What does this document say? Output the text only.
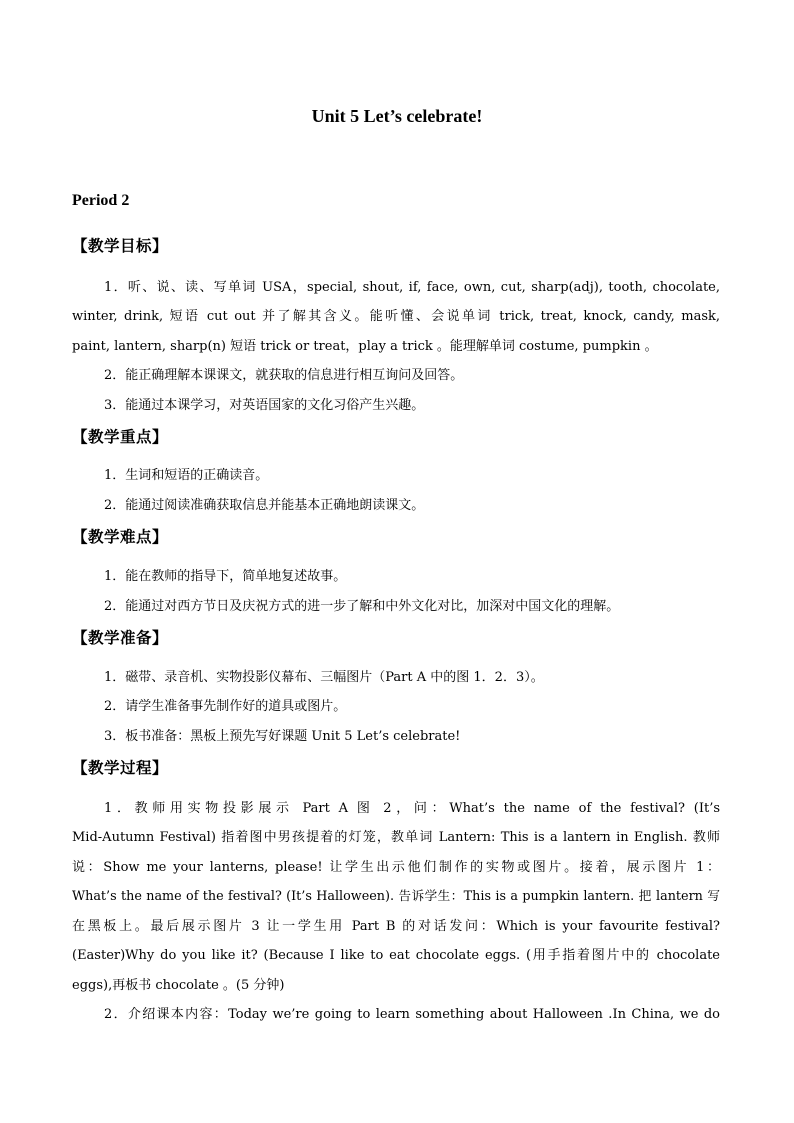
Unit 5 Let’s celebrate!
Period 2
【教学目标】
1．听、说、读、写单词 USA，special, shout, if, face, own, cut, sharp(adj), tooth, chocolate,
winter, drink, 短语 cut out 并了解其含义。能听懂、会说单词 trick, treat, knock, candy, mask,
paint, lantern, sharp(n) 短语 trick or treat，play a trick 。能理解单词 costume, pumpkin 。
2．能正确理解本课课文，就获取的信息进行相互询问及回答。
3．能通过本课学习，对英语国家的文化习俗产生兴趣。
【教学重点】
1．生词和短语的正确读音。
2．能通过阅读准确获取信息并能基本正确地朗读课文。
【教学难点】
1．能在教师的指导下，简单地复述故事。
2．能通过对西方节日及庆祝方式的进一步了解和中外文化对比，加深对中国文化的理解。
【教学准备】
1．磁带、录音机、实物投影仪幕布、三幅图片（Part A 中的图 1．2．3）。
2．请学生准备事先制作好的道具或图片。
3．板书准备：黑板上预先写好课题 Unit 5 Let’s celebrate!
【教学过程】
1．教师用实物投影展示 Part A 图 2，问：What’s the name of the festival? (It’s
Mid-Autumn Festival) 指着图中男孩提着的灯笼，教单词 Lantern: This is a lantern in English. 教师
说：Show me your lanterns, please! 让学生出示他们制作的实物或图片。接着，展示图片 1：
What’s the name of the festival? (It’s Halloween). 告诉学生：This is a pumpkin lantern. 把 lantern 写
在黑板上。最后展示图片 3 让一学生用 Part B 的对话发问：Which is your favourite festival?
(Easter)Why do you like it? (Because I like to eat chocolate eggs. (用手指着图片中的 chocolate
eggs),再板书 chocolate 。(5 分钟)
2．介绍课本内容：Today we’re going to learn something about Halloween .In China, we do
